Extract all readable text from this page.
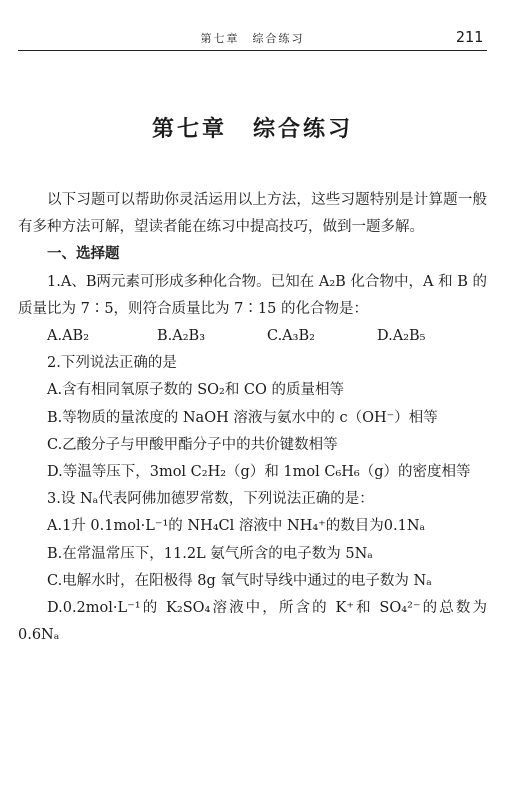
第七章　综合练习	211
第七章 综合练习

以下习题可以帮助你灵活运用以上方法，这些习题特别是计算题一般有多种方法可解，望读者能在练习中提高技巧，做到一题多解。

一、选择题

1.A、B两元素可形成多种化合物。已知在 A₂B 化合物中，A 和 B 的质量比为 7∶5，则符合质量比为 7∶15 的化合物是：

A.AB₂	B.A₂B₃	C.A₃B₂	D.A₂B₅

2.下列说法正确的是

A.含有相同氧原子数的 SO₂和 CO 的质量相等

B.等物质的量浓度的 NaOH 溶液与氨水中的 c（OH⁻）相等

C.乙酸分子与甲酸甲酯分子中的共价键数相等

D.等温等压下，3mol C₂H₂（g）和 1mol C₆H₆（g）的密度相等

3.设 Nₐ代表阿佛加德罗常数，下列说法正确的是：

A.1升 0.1mol·L⁻¹的 NH₄Cl 溶液中 NH₄⁺的数目为0.1Nₐ

B.在常温常压下，11.2L 氨气所含的电子数为 5Nₐ

C.电解水时，在阳极得 8g 氧气时导线中通过的电子数为 Nₐ

D.0.2mol·L⁻¹的 K₂SO₄溶液中，所含的 K⁺和 SO₄²⁻的总数为 0.6Nₐ
